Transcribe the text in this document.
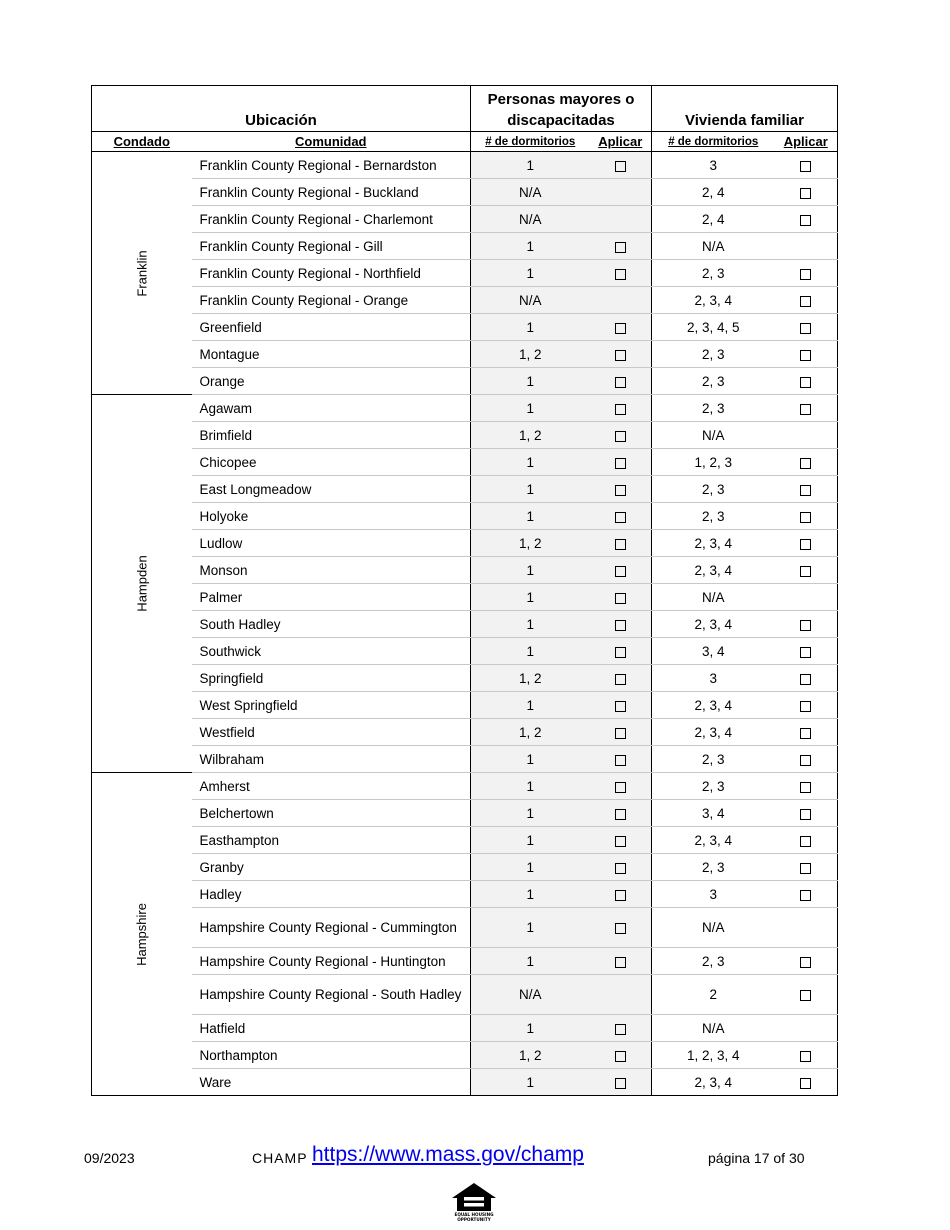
Ubicación		Personas mayores o discapacitadas		Vivienda familiar	
Condado	Comunidad	# de dormitorios	Aplicar	# de dormitorios	Aplicar
Franklin	Franklin County Regional - Bernardston	1		3	
	Franklin County Regional - Buckland	N/A		2, 4	
	Franklin County Regional - Charlemont	N/A		2, 4	
	Franklin County Regional - Gill	1		N/A	
	Franklin County Regional - Northfield	1		2, 3	
	Franklin County Regional - Orange	N/A		2, 3, 4	
	Greenfield	1		2, 3, 4, 5	
	Montague	1, 2		2, 3	
	Orange	1		2, 3	
Hampden	Agawam	1		2, 3	
	Brimfield	1, 2		N/A	
	Chicopee	1		1, 2, 3	
	East Longmeadow	1		2, 3	
	Holyoke	1		2, 3	
	Ludlow	1, 2		2, 3, 4	
	Monson	1		2, 3, 4	
	Palmer	1		N/A	
	South Hadley	1		2, 3, 4	
	Southwick	1		3, 4	
	Springfield	1, 2		3	
	West Springfield	1		2, 3, 4	
	Westfield	1, 2		2, 3, 4	
	Wilbraham	1		2, 3	
Hampshire	Amherst	1		2, 3	
	Belchertown	1		3, 4	
	Easthampton	1		2, 3, 4	
	Granby	1		2, 3	
	Hadley	1		3	
	Hampshire County Regional - Cummington	1		N/A	
	Hampshire County Regional - Huntington	1		2, 3	
	Hampshire County Regional - South Hadley	N/A		2	
	Hatfield	1		N/A	
	Northampton	1, 2		1, 2, 3, 4	
	Ware	1		2, 3, 4	
09/2023	CHAMP https://www.mass.gov/champ	página 17 of 30
EQUAL HOUSING
OPPORTUNITY
